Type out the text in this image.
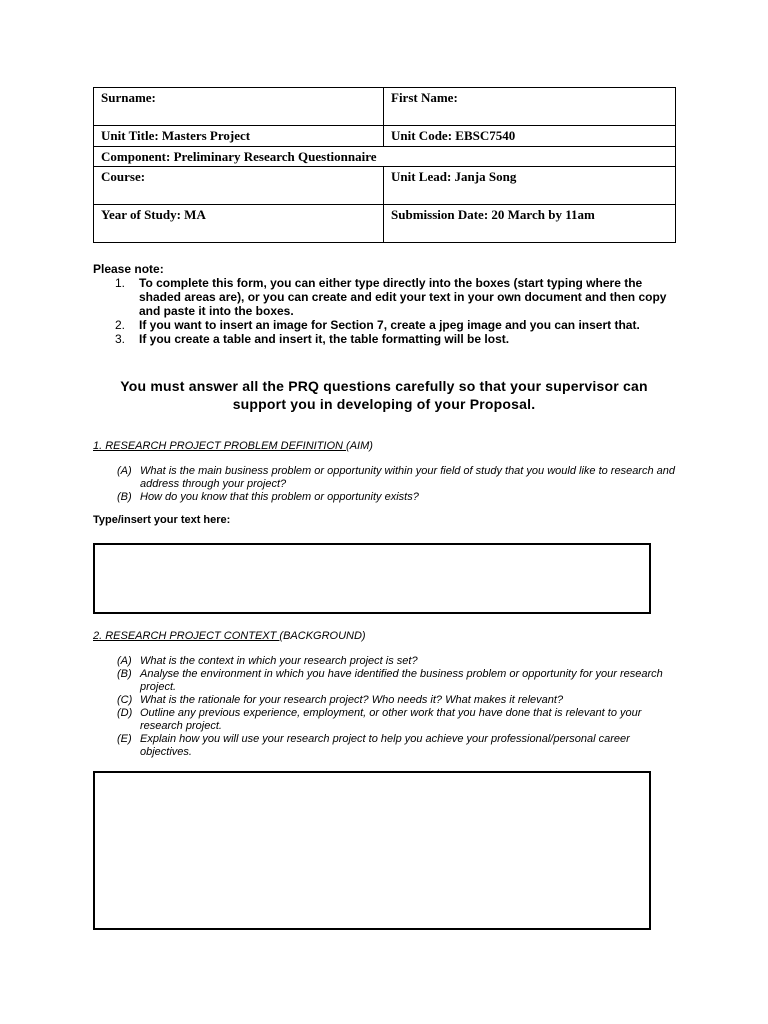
Surname:	First Name:
Unit Title: Masters Project	Unit Code: EBSC7540
Component: Preliminary Research Questionnaire	
Course:	Unit Lead: Janja Song
Year of Study: MA	Submission Date: 20 March by 11am
Please note:
1. To complete this form, you can either type directly into the boxes (start typing where the shaded areas are), or you can create and edit your text in your own document and then copy and paste it into the boxes.
2. If you want to insert an image for Section 7, create a jpeg image and you can insert that.
3. If you create a table and insert it, the table formatting will be lost.
You must answer all the PRQ questions carefully so that your supervisor can support you in developing of your Proposal.
1. RESEARCH PROJECT PROBLEM DEFINITION (AIM)
(A) What is the main business problem or opportunity within your field of study that you would like to research and address through your project?
(B) How do you know that this problem or opportunity exists?
Type/insert your text here:
2. RESEARCH PROJECT CONTEXT (BACKGROUND)
(A) What is the context in which your research project is set?
(B) Analyse the environment in which you have identified the business problem or opportunity for your research project.
(C) What is the rationale for your research project? Who needs it? What makes it relevant?
(D) Outline any previous experience, employment, or other work that you have done that is relevant to your research project.
(E) Explain how you will use your research project to help you achieve your professional/personal career objectives.
